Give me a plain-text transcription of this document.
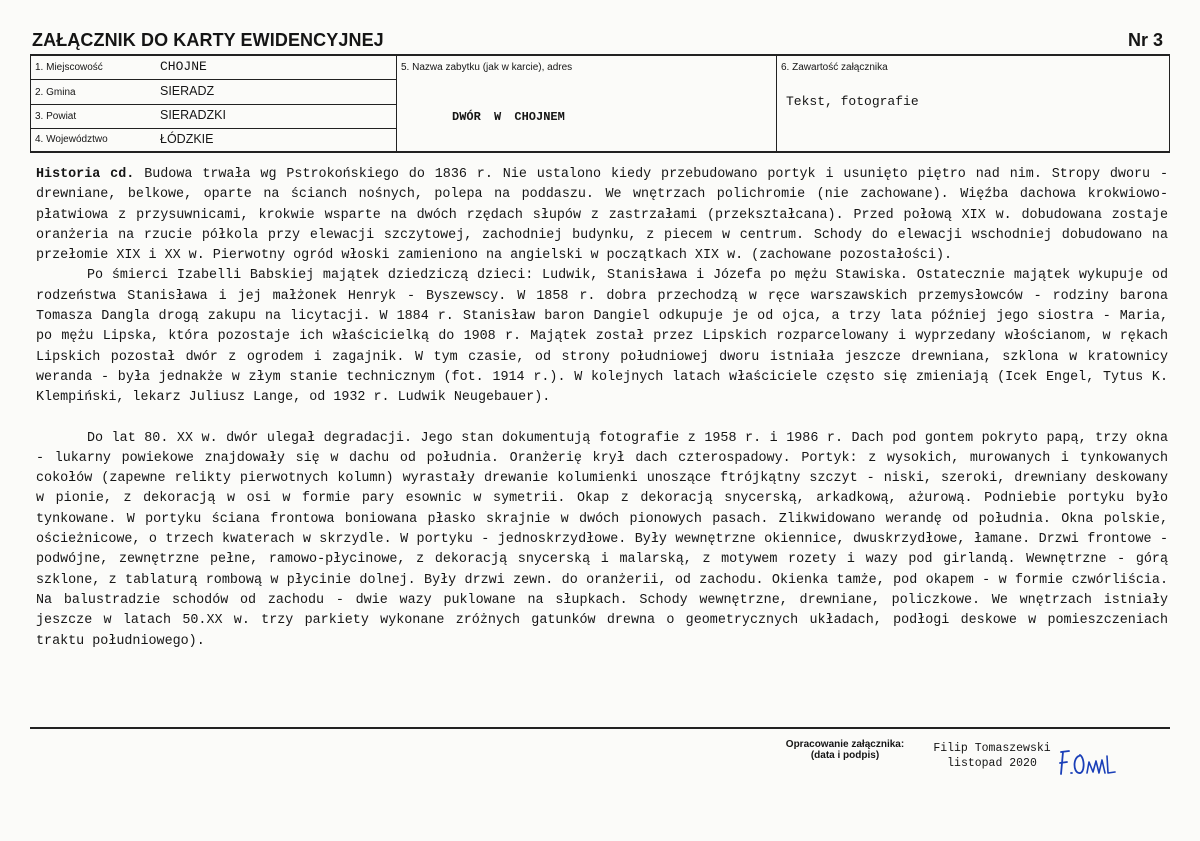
ZAŁĄCZNIK DO KARTY EWIDENCYJNEJ	Nr 3
1. Miejscowość	CHOJNE
2. Gmina	SIERADZ
3. Powiat	SIERADZKI
4. Województwo	ŁÓDZKIE
5. Nazwa zabytku (jak w karcie), adres
DWÓR W CHOJNEM
6. Zawartość załącznika
Tekst, fotografie

Historia cd. Budowa trwała wg Pstrokońskiego do 1836 r. Nie ustalono kiedy przebudowano portyk i usunięto piętro nad nim. Stropy dworu - drewniane, belkowe, oparte na ścianch nośnych, polepa na poddaszu. We wnętrzach polichromie (nie zachowane). Więźba dachowa krokwiowo-płatwiowa z przysuwnicami, krokwie wsparte na dwóch rzędach słupów z zastrzałami (przekształcana). Przed połową XIX w. dobudowana zostaje oranżeria na rzucie półkola przy elewacji szczytowej, zachodniej budynku, z piecem w centrum. Schody do elewacji wschodniej dobudowano na przełomie XIX i XX w. Pierwotny ogród włoski zamieniono na angielski w początkach XIX w. (zachowane pozostałości).

Po śmierci Izabelli Babskiej majątek dziedziczą dzieci: Ludwik, Stanisława i Józefa po mężu Stawiska. Ostatecznie majątek wykupuje od rodzeństwa Stanisława i jej małżonek Henryk - Byszewscy. W 1858 r. dobra przechodzą w ręce warszawskich przemysłowców - rodziny barona Tomasza Dangla drogą zakupu na licytacji. W 1884 r. Stanisław baron Dangiel odkupuje je od ojca, a trzy lata później jego siostra - Maria, po mężu Lipska, która pozostaje ich właścicielką do 1908 r. Majątek został przez Lipskich rozparcelowany i wyprzedany włościanom, w rękach Lipskich pozostał dwór z ogrodem i zagajnik. W tym czasie, od strony południowej dworu istniała jeszcze drewniana, szklona w kratownicy weranda - była jednakże w złym stanie technicznym (fot. 1914 r.). W kolejnych latach właściciele często się zmieniają (Icek Engel, Tytus K. Klempiński, lekarz Juliusz Lange, od 1932 r. Ludwik Neugebauer).

Do lat 80. XX w. dwór ulegał degradacji. Jego stan dokumentują fotografie z 1958 r. i 1986 r. Dach pod gontem pokryto papą, trzy okna - lukarny powiekowe znajdowały się w dachu od południa. Oranżerię krył dach czterospadowy. Portyk: z wysokich, murowanych i tynkowanych cokołów (zapewne relikty pierwotnych kolumn) wyrastały drewanie kolumienki unoszące ftrójkątny szczyt - niski, szeroki, drewniany deskowany w pionie, z dekoracją w osi w formie pary esownic w symetrii. Okap z dekoracją snycerską, arkadkową, ażurową. Podniebie portyku było tynkowane. W portyku ściana frontowa boniowana płasko skrajnie w dwóch pionowych pasach. Zlikwidowano werandę od południa. Okna polskie, ościeżnicowe, o trzech kwaterach w skrzydle. W portyku - jednoskrzydłowe. Były wewnętrzne okiennice, dwuskrzydłowe, łamane. Drzwi frontowe - podwójne, zewnętrzne pełne, ramowo-płycinowe, z dekoracją snycerską i malarską, z motywem rozety i wazy pod girlandą. Wewnętrzne - górą szklone, z tablaturą rombową w płycinie dolnej. Były drzwi zewn. do oranżerii, od zachodu. Okienka tamże, pod okapem - w formie czwórliścia. Na balustradzie schodów od zachodu - dwie wazy puklowane na słupkach. Schody wewnętrzne, drewniane, policzkowe. We wnętrzach istniały jeszcze w latach 50.XX w. trzy parkiety wykonane zróżnych gatunków drewna o geometrycznych układach, podłogi deskowe w pomieszczeniach traktu południowego).

Opracowanie załącznika:
(data i podpis)
Filip Tomaszewski
listopad 2020
